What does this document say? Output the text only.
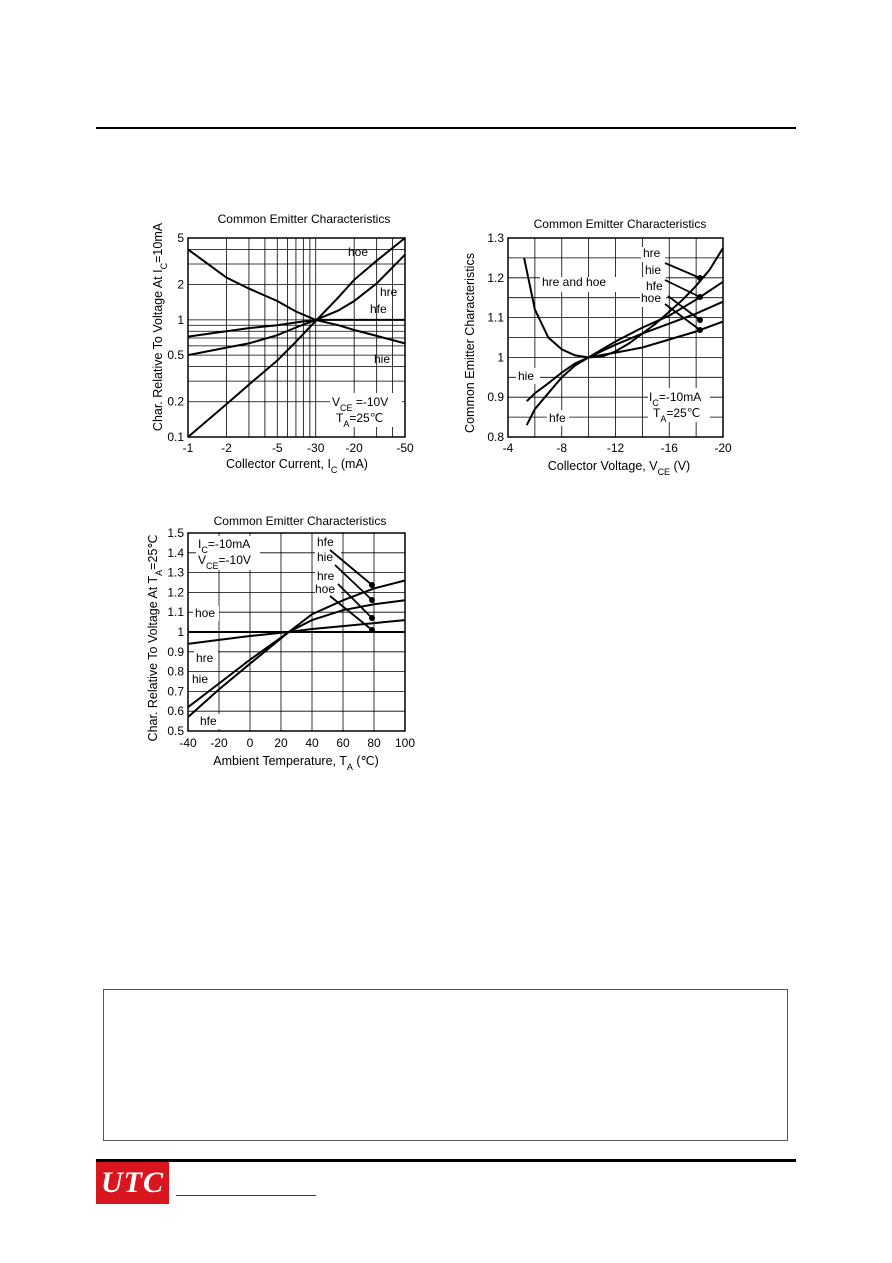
-1 -2	-5 -30 -20	-50
0.1
0.2
0.5
1
2
5
hoe
hre
hfe
hie
Common Emitter Characteristics
Collector Current, $I_C$ (mA)
Char. Relative To Voltage At $I_C=10mA$
$V_{CE} =-10V$
$T_A=25℃$
-4	-8	-12	-16	-20
0.8
0.9
1
1.1
1.2
1.3
hre and hoe
hre
hie
hfe
hoe
hie
hfe
Common Emitter Characteristics
Collector Voltage, $V_{CE}$ (V)
Common Emitter Characteristics	$I_C=-10mA$
$T_A=25℃$
-40 -20 0 20 40 60 80 100
0.5
0.6
0.7
0.8
0.9
1
1.1
1.2
1.3
1.4
1.5
hfe
hie
hre
hoe
hoe
hre
hie
hfe
Common Emitter Characteristics
Ambient Temperature, $T_A$ (℃)
Char. Relative To Voltage At $T_A=25℃$	$I_C=-10mA$
$V_{CE}=-10V$
UTC
